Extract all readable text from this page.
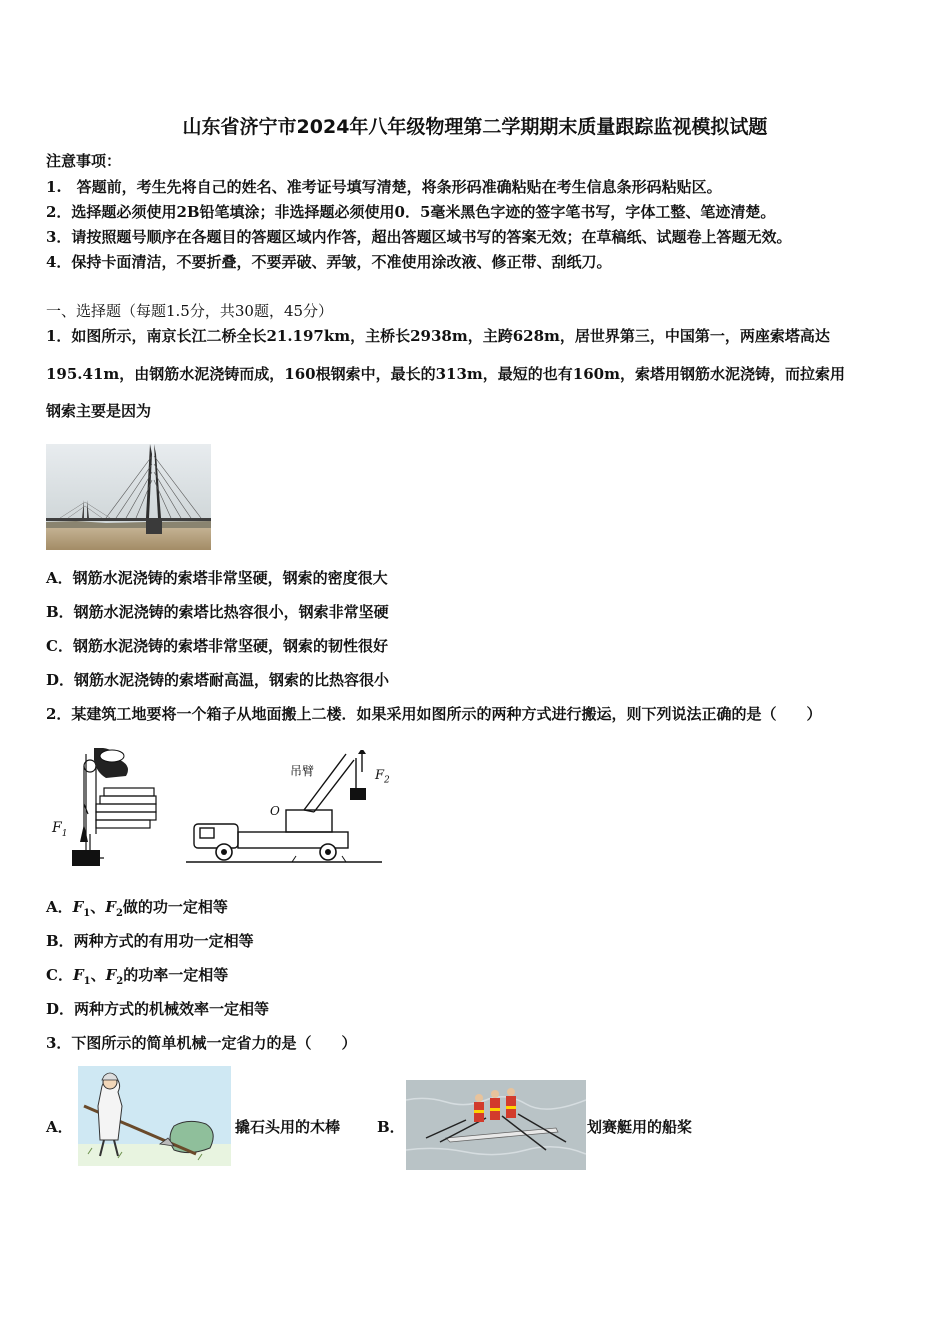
山东省济宁市2024年八年级物理第二学期期末质量跟踪监视模拟试题
注意事项：
1.　答题前，考生先将自己的姓名、准考证号填写清楚，将条形码准确粘贴在考生信息条形码粘贴区。
2．选择题必须使用2B铅笔填涂；非选择题必须使用0．5毫米黑色字迹的签字笔书写，字体工整、笔迹清楚。
3．请按照题号顺序在各题目的答题区域内作答，超出答题区域书写的答案无效；在草稿纸、试题卷上答题无效。
4．保持卡面清洁，不要折叠，不要弄破、弄皱，不准使用涂改液、修正带、刮纸刀。
一、选择题（每题1.5分，共30题，45分）
1．如图所示，南京长江二桥全长21.197km，主桥长2938m，主跨628m，居世界第三，中国第一，两座索塔高达
195.41m，由钢筋水泥浇铸而成，160根钢索中，最长的313m，最短的也有160m，索塔用钢筋水泥浇铸，而拉索用
钢索主要是因为
A．钢筋水泥浇铸的索塔非常坚硬，钢索的密度很大
B．钢筋水泥浇铸的索塔比热容很小，钢索非常坚硬
C．钢筋水泥浇铸的索塔非常坚硬，钢索的韧性很好
D．钢筋水泥浇铸的索塔耐高温，钢索的比热容很小
2．某建筑工地要将一个箱子从地面搬上二楼．如果采用如图所示的两种方式进行搬运，则下列说法正确的是（　　）
$F_1$
吊臂	$F_2$
O
A．$F_1$、$F_2$做的功一定相等
B．两种方式的有用功一定相等
C．$F_1$、$F_2$的功率一定相等
D．两种方式的机械效率一定相等
3．下图所示的简单机械一定省力的是（　　）
A．	撬石头用的木棒 B．	划赛艇用的船桨
